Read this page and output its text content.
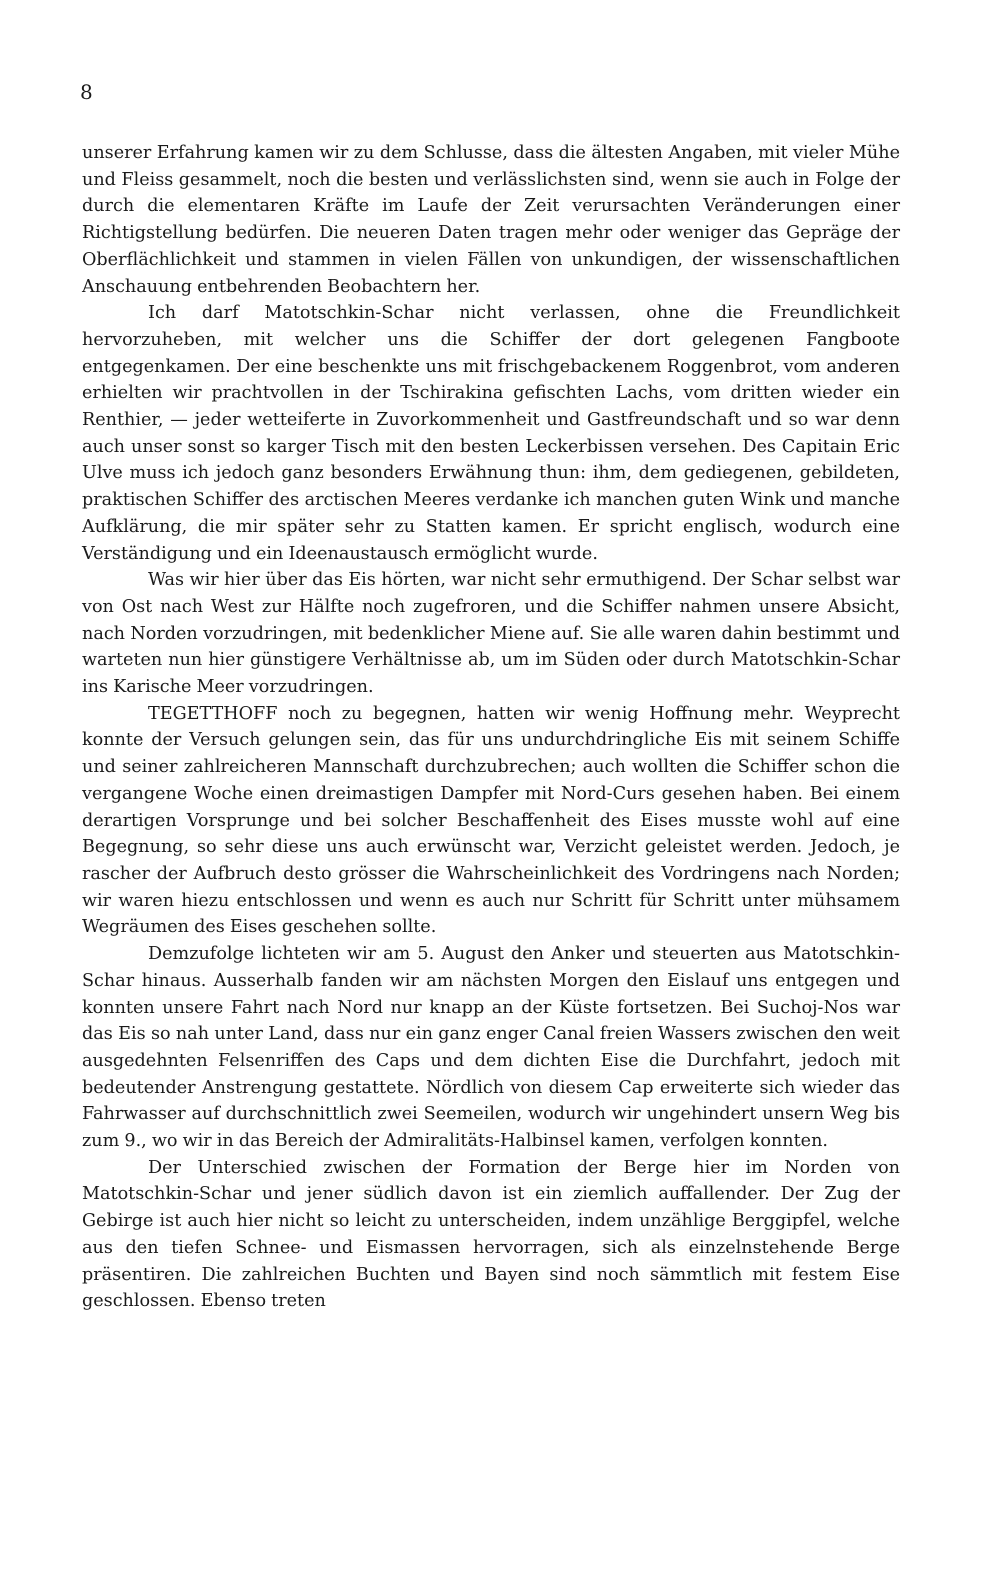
8

unserer Erfahrung kamen wir zu dem Schlusse, dass die ältesten Angaben, mit vieler Mühe und Fleiss gesammelt, noch die besten und verlässlichsten sind, wenn sie auch in Folge der durch die elementaren Kräfte im Laufe der Zeit verursachten Veränderungen einer Richtigstellung bedürfen. Die neueren Daten tragen mehr oder weniger das Gepräge der Oberflächlichkeit und stammen in vielen Fällen von unkundigen, der wissenschaftlichen Anschauung entbehrenden Beobachtern her.

Ich darf Matotschkin-Schar nicht verlassen, ohne die Freundlichkeit hervorzuheben, mit welcher uns die Schiffer der dort gelegenen Fangboote entgegenkamen. Der eine beschenkte uns mit frischgebackenem Roggenbrot, vom anderen erhielten wir prachtvollen in der Tschirakina gefischten Lachs, vom dritten wieder ein Renthier, — jeder wetteiferte in Zuvorkommenheit und Gastfreundschaft und so war denn auch unser sonst so karger Tisch mit den besten Leckerbissen versehen. Des Capitain Eric Ulve muss ich jedoch ganz besonders Erwähnung thun: ihm, dem gediegenen, gebildeten, praktischen Schiffer des arctischen Meeres verdanke ich manchen guten Wink und manche Aufklärung, die mir später sehr zu Statten kamen. Er spricht englisch, wodurch eine Verständigung und ein Ideenaustausch ermöglicht wurde.

Was wir hier über das Eis hörten, war nicht sehr ermuthigend. Der Schar selbst war von Ost nach West zur Hälfte noch zugefroren, und die Schiffer nahmen unsere Absicht, nach Norden vorzudringen, mit bedenklicher Miene auf. Sie alle waren dahin bestimmt und warteten nun hier günstigere Verhältnisse ab, um im Süden oder durch Matotschkin-Schar ins Karische Meer vorzudringen.

TEGETTHOFF noch zu begegnen, hatten wir wenig Hoffnung mehr. Weyprecht konnte der Versuch gelungen sein, das für uns undurchdringliche Eis mit seinem Schiffe und seiner zahlreicheren Mannschaft durchzubrechen; auch wollten die Schiffer schon die vergangene Woche einen dreimastigen Dampfer mit Nord-Curs gesehen haben. Bei einem derartigen Vorsprunge und bei solcher Beschaffenheit des Eises musste wohl auf eine Begegnung, so sehr diese uns auch erwünscht war, Verzicht geleistet werden. Jedoch, je rascher der Aufbruch desto grösser die Wahrscheinlichkeit des Vordringens nach Norden; wir waren hiezu entschlossen und wenn es auch nur Schritt für Schritt unter mühsamem Wegräumen des Eises geschehen sollte.

Demzufolge lichteten wir am 5. August den Anker und steuerten aus Matotschkin-Schar hinaus. Ausserhalb fanden wir am nächsten Morgen den Eislauf uns entgegen und konnten unsere Fahrt nach Nord nur knapp an der Küste fortsetzen. Bei Suchoj-Nos war das Eis so nah unter Land, dass nur ein ganz enger Canal freien Wassers zwischen den weit ausgedehnten Felsenriffen des Caps und dem dichten Eise die Durchfahrt, jedoch mit bedeutender Anstrengung gestattete. Nördlich von diesem Cap erweiterte sich wieder das Fahrwasser auf durchschnittlich zwei Seemeilen, wodurch wir ungehindert unsern Weg bis zum 9., wo wir in das Bereich der Admiralitäts-Halbinsel kamen, verfolgen konnten.

Der Unterschied zwischen der Formation der Berge hier im Norden von Matotschkin-Schar und jener südlich davon ist ein ziemlich auffallender. Der Zug der Gebirge ist auch hier nicht so leicht zu unterscheiden, indem unzählige Berggipfel, welche aus den tiefen Schnee- und Eismassen hervorragen, sich als einzelnstehende Berge präsentiren. Die zahlreichen Buchten und Bayen sind noch sämmtlich mit festem Eise geschlossen. Ebenso treten
